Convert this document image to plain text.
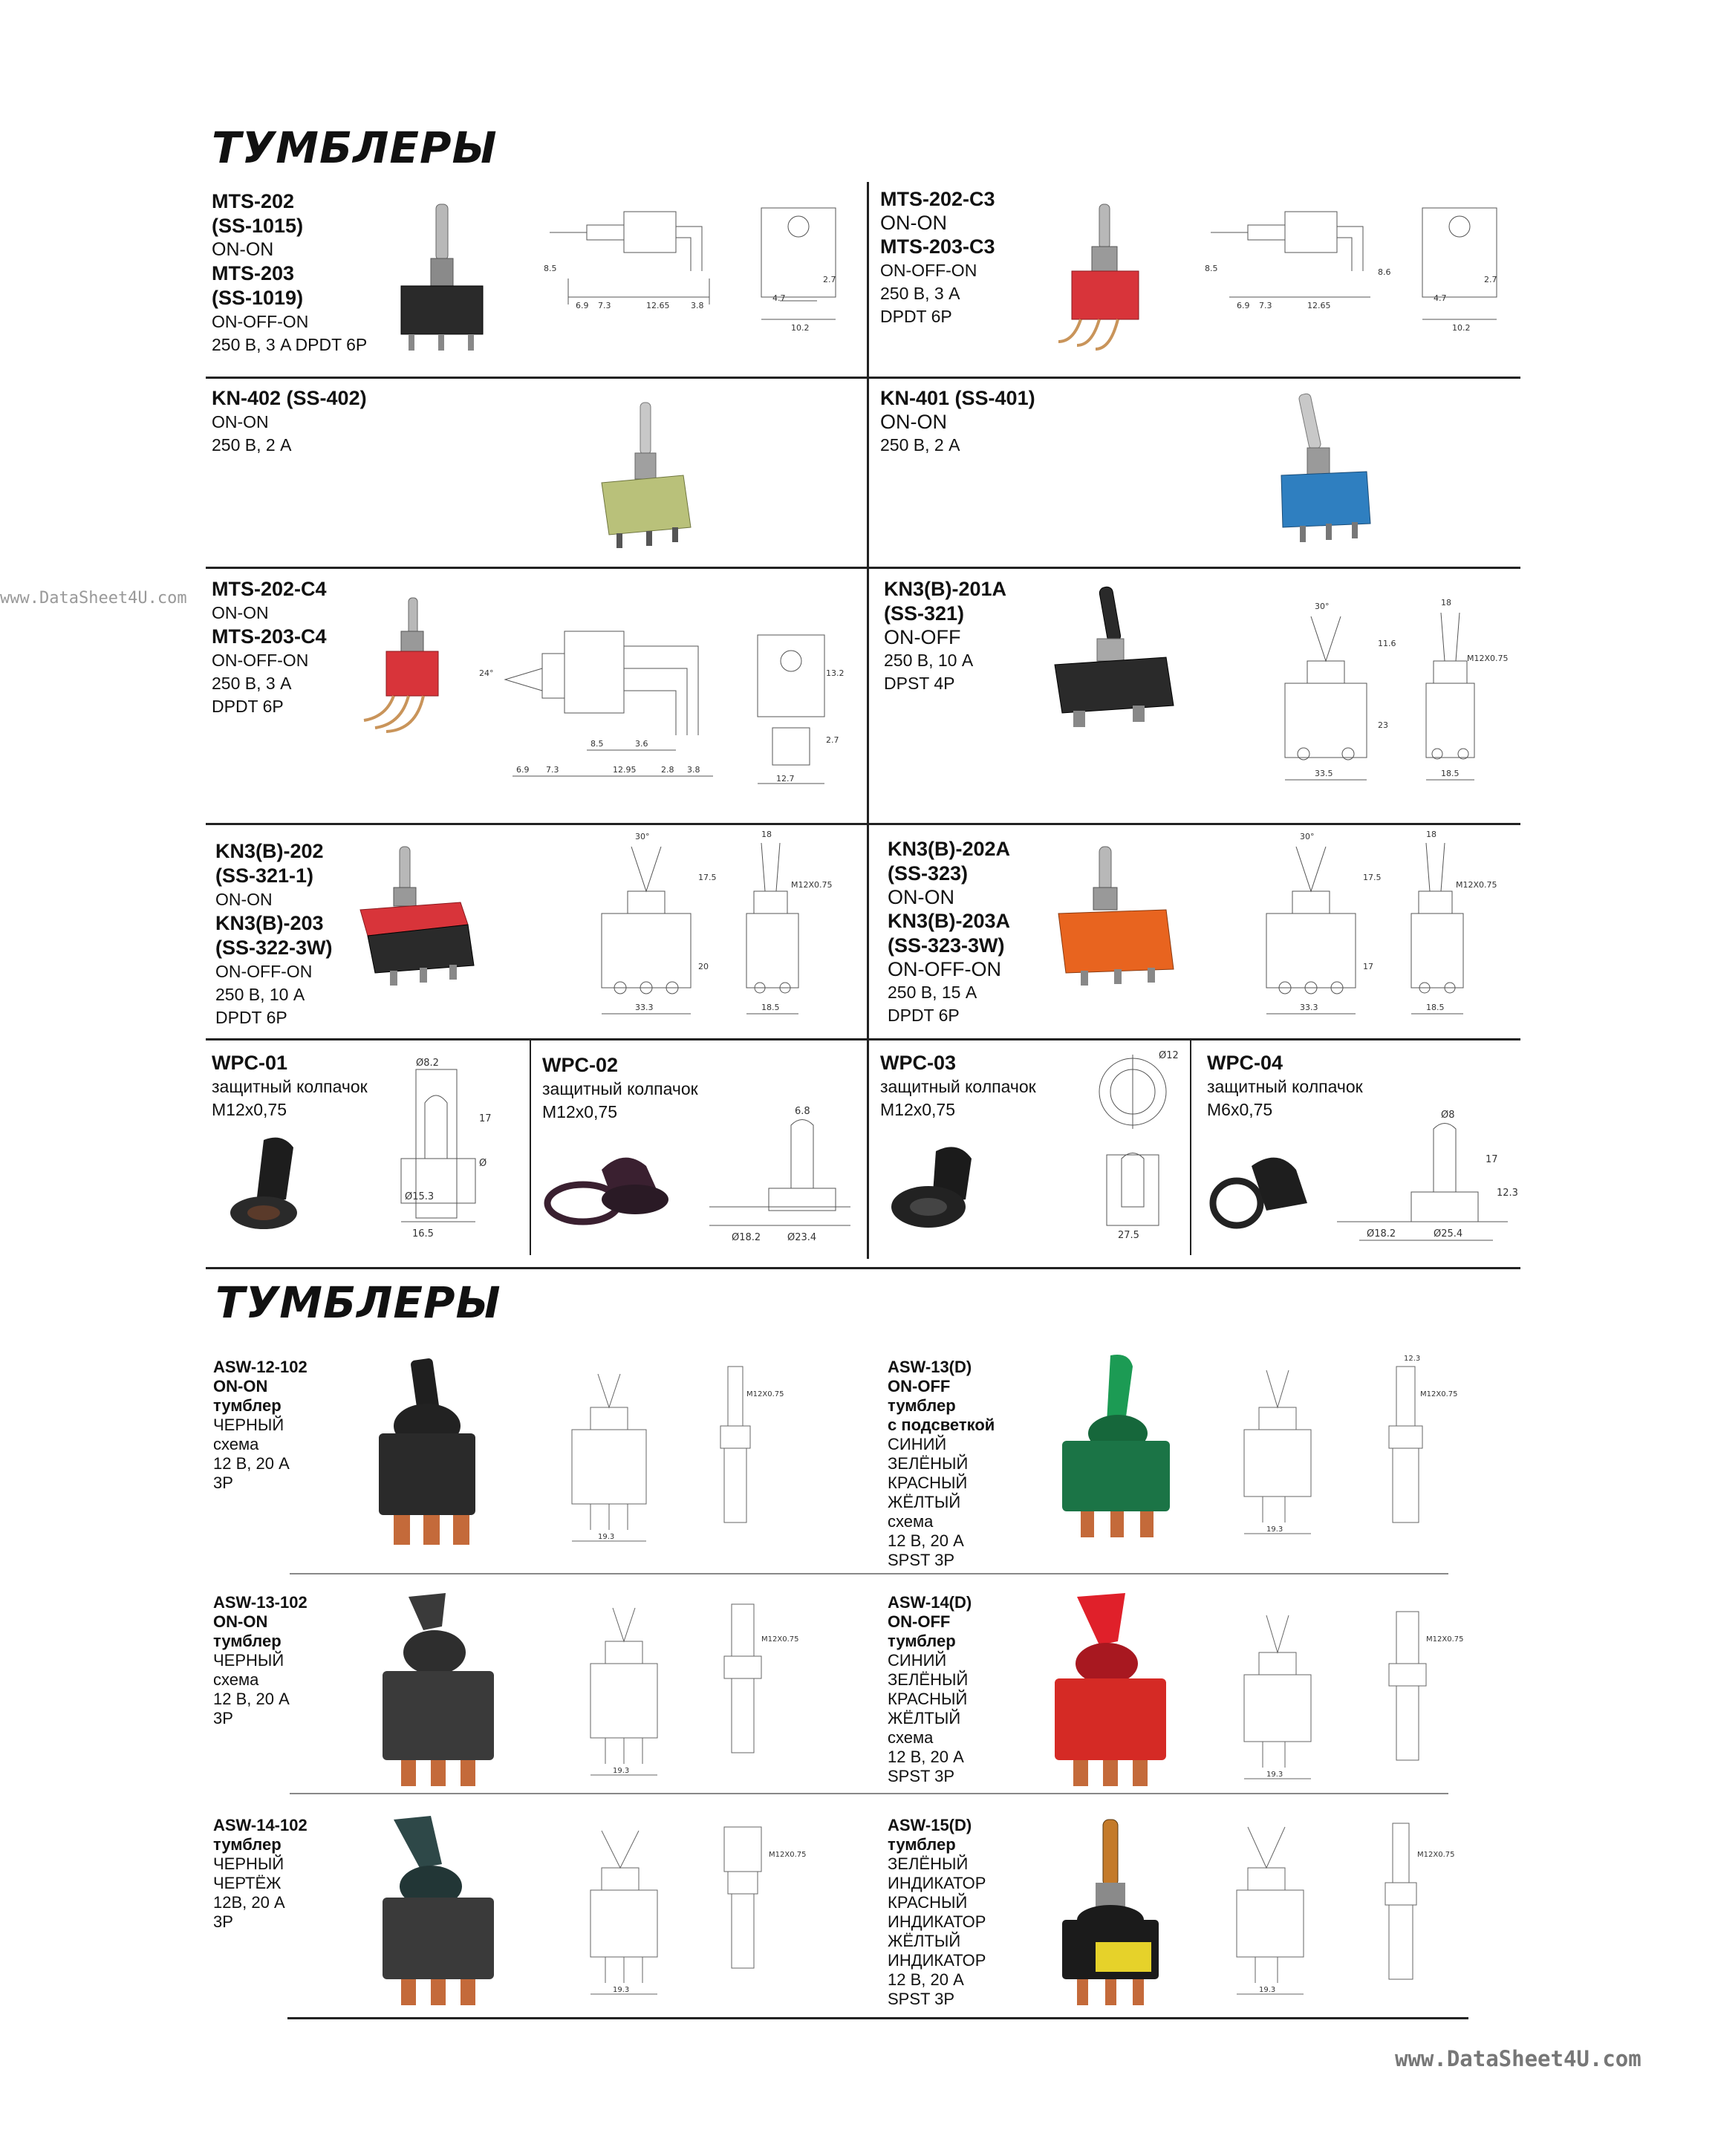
www.DataSheet4U.com
www.DataSheet4U.com
ТУМБЛЕРЫ
ТУМБЛЕРЫ
MTS-202
(SS-1015)
ON-ON
MTS-203
(SS-1019)
ON-OFF-ON
250 В, 3 A DPDT 6P
6.9 7.3	12.65	3.8
10.2
4.7
2.7
8.5
MTS-202-C3
ON-ON
MTS-203-C3
ON-OFF-ON
250 В, 3 A
DPDT 6P
6.9 7.3	12.65
10.2
4.7
2.7
8.5	8.6
KN-402 (SS-402)
ON-ON
250 В, 2 A
KN-401 (SS-401)
ON-ON
250 В, 2 A
MTS-202-C4
ON-ON
MTS-203-C4
ON-OFF-ON
250 В, 3 A
DPDT 6P
6.9 7.3	12.95	2.8 3.8
12.7
8.5	3.6
24°	13.2
2.7
KN3(B)-201A
(SS-321)
ON-OFF
250 В, 10 A
DPST 4P
30°	18
M12X0.75
11.6
23
33.5	18.5
KN3(B)-202
(SS-321-1)
ON-ON
KN3(B)-203
(SS-322-3W)
ON-OFF-ON
250 В, 10 A
DPDT 6P
30°	18
M12X0.75
17.5
33.3	18.5
20
KN3(B)-202A
(SS-323)
ON-ON
KN3(B)-203A
(SS-323-3W)
ON-OFF-ON
250 В, 15 A
DPDT 6P
30°	18
M12X0.75
17.5
33.3	18.5
17
WPC-01
защитный колпачок
M12x0,75
Ø8.2
Ø15.3
16.5
17
Ø
WPC-02
защитный колпачок
M12x0,75	6.8
Ø18.2	Ø23.4
WPC-03
защитный колпачок
M12x0,75
Ø12
27.5
WPC-04
защитный колпачок
M6x0,75	Ø8
17
Ø18.2	Ø25.4
12.3
ASW-12-102
ON-ON
тумблер
ЧЕРНЫЙ
схема
12 В, 20 A
3P
M12X0.75
19.3
ASW-13(D)
ON-OFF
тумблер
с подсветкой
СИНИЙ
ЗЕЛЁНЫЙ
КРАСНЫЙ
ЖЁЛТЫЙ
схема
12 В, 20 A
SPST 3P
M12X0.75
19.3
12.3
ASW-13-102
ON-ON
тумблер
ЧЕРНЫЙ
схема
12 В, 20 A
3P
M12X0.75
19.3
ASW-14(D)
ON-OFF
тумблер
СИНИЙ
ЗЕЛЁНЫЙ
КРАСНЫЙ
ЖЁЛТЫЙ
схема
12 В, 20 A
SPST 3P
M12X0.75
19.3
ASW-14-102
тумблер
ЧЕРНЫЙ
ЧЕРТЁЖ
12В, 20 A
3P
M12X0.75
19.3
ASW-15(D)
тумблер
ЗЕЛЁНЫЙ
ИНДИКАТОР
КРАСНЫЙ
ИНДИКАТОР
ЖЁЛТЫЙ
ИНДИКАТОР
12 В, 20 A
SPST 3P
M12X0.75
19.3
